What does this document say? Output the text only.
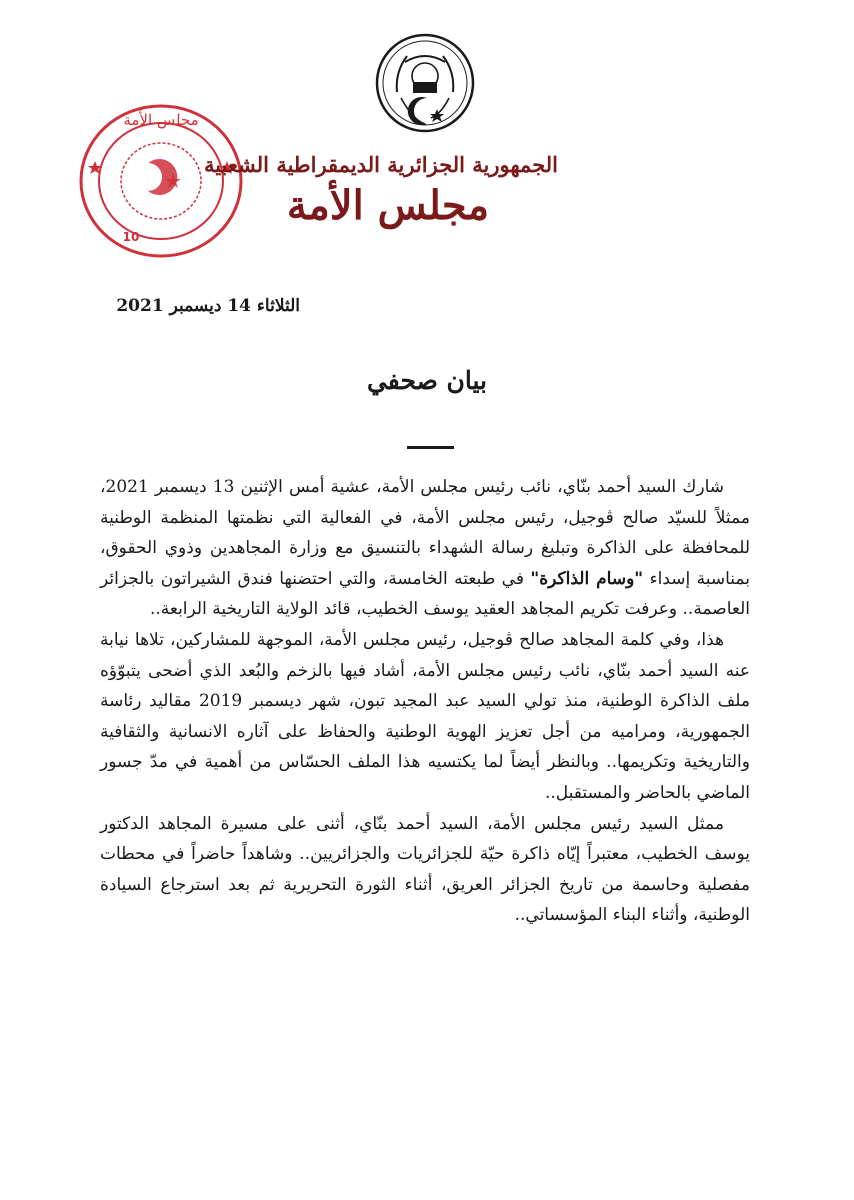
مجلس الأمة
10
الجمهورية الجزائرية الديمقراطية الشعبية
مجلس الأمة
الثلاثاء 14 ديسمبر 2021
بيان صحفي

شارك السيد أحمد بنّاي، نائب رئيس مجلس الأمة، عشية أمس الإثنين 13 ديسمبر 2021، ممثلاً للسيّد صالح ڤوجيل، رئيس مجلس الأمة، في الفعالية التي نظمتها المنظمة الوطنية للمحافظة على الذاكرة وتبليغ رسالة الشهداء بالتنسيق مع وزارة المجاهدين وذوي الحقوق، بمناسبة إسداء "وسام الذاكرة" في طبعته الخامسة، والتي احتضنها فندق الشيراتون بالجزائر العاصمة.. وعرفت تكريم المجاهد العقيد يوسف الخطيب، قائد الولاية التاريخية الرابعة..

هذا، وفي كلمة المجاهد صالح ڤوجيل، رئيس مجلس الأمة، الموجهة للمشاركين، تلاها نيابة عنه السيد أحمد بنّاي، نائب رئيس مجلس الأمة، أشاد فيها بالزخم والبُعد الذي أضحى يتبوّؤه ملف الذاكرة الوطنية، منذ تولي السيد عبد المجيد تبون، شهر ديسمبر 2019 مقاليد رئاسة الجمهورية، ومراميه من أجل تعزيز الهوية الوطنية والحفاظ على آثاره الانسانية والثقافية والتاريخية وتكريمها.. وبالنظر أيضاً لما يكتسيه هذا الملف الحسّاس من أهمية في مدّ جسور الماضي بالحاضر والمستقبل..

ممثل السيد رئيس مجلس الأمة، السيد أحمد بنّاي، أثنى على مسيرة المجاهد الدكتور يوسف الخطيب، معتبراً إيّاه ذاكرة حيّة للجزائريات والجزائريين.. وشاهداً حاضراً في محطات مفصلية وحاسمة من تاريخ الجزائر العريق، أثناء الثورة التحريرية ثم بعد استرجاع السيادة الوطنية، وأثناء البناء المؤسساتي..
